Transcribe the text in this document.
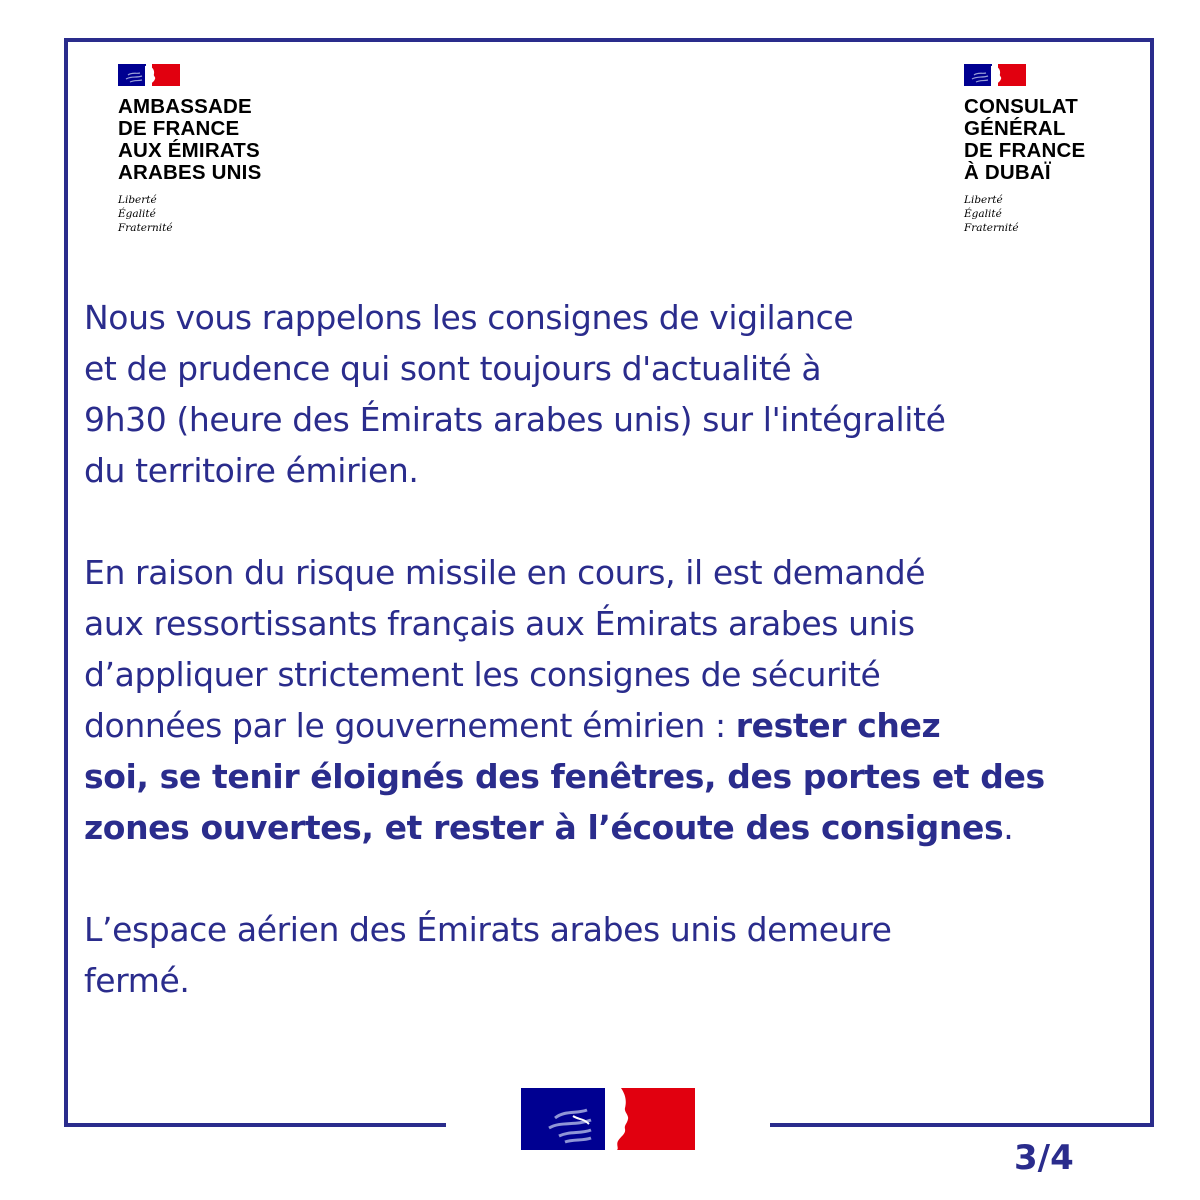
AMBASSADE
DE FRANCE
AUX ÉMIRATS
ARABES UNIS
Liberté
Égalité
Fraternité
CONSULAT
GÉNÉRAL
DE FRANCE
À DUBAÏ
Liberté
Égalité
Fraternité

Nous vous rappelons les consignes de vigilance
et de prudence qui sont toujours d'actualité à
9h30 (heure des Émirats arabes unis) sur l'intégralité
du territoire émirien.

En raison du risque missile en cours, il est demandé
aux ressortissants français aux Émirats arabes unis
d’appliquer strictement les consignes de sécurité
données par le gouvernement émirien : rester chez
soi, se tenir éloignés des fenêtres, des portes et des
zones ouvertes, et rester à l’écoute des consignes.

L’espace aérien des Émirats arabes unis demeure
fermé.

3/4
